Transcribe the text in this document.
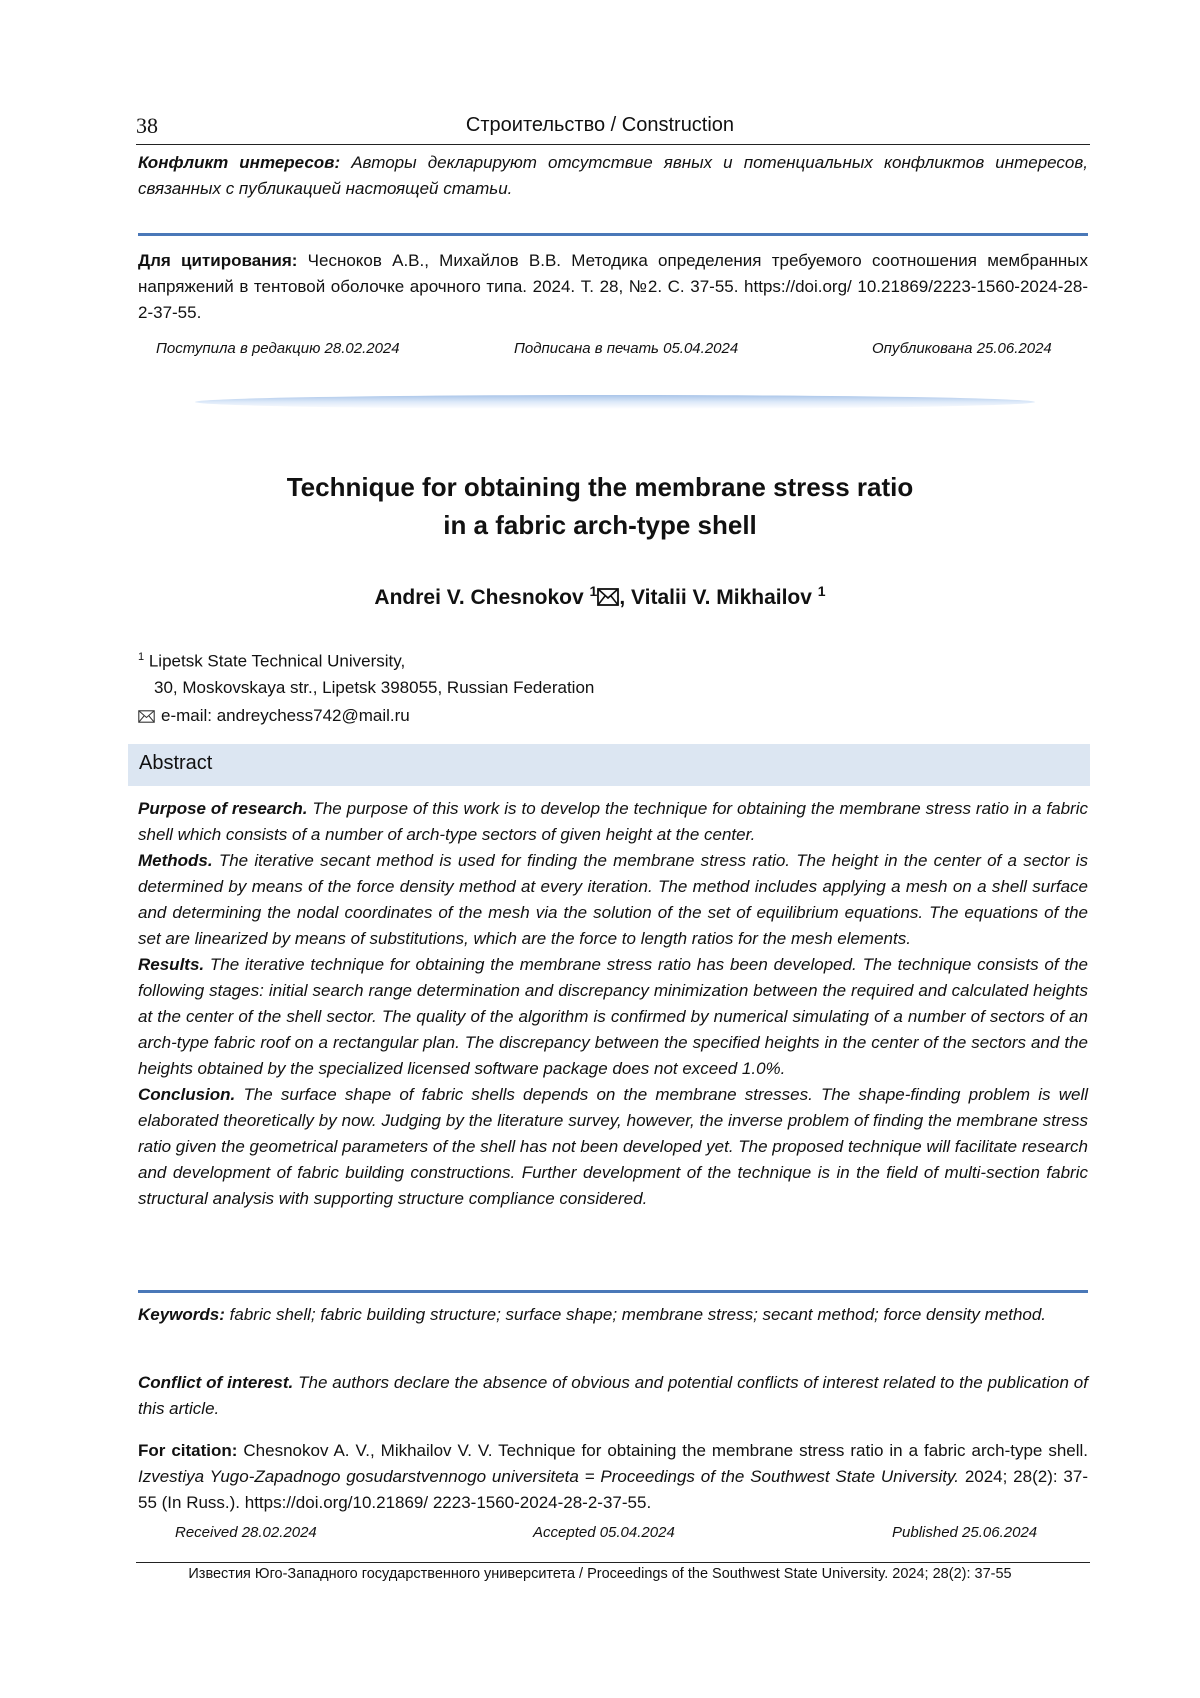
38	Строительство / Construction
Конфликт интересов: Авторы декларируют отсутствие явных и потенциальных конфликтов интересов, связанных с публикацией настоящей статьи.
Для цитирования: Чесноков А.В., Михайлов В.В. Методика определения требуемого соотношения мембранных напряжений в тентовой оболочке арочного типа. 2024. Т. 28, №2. С. 37-55. https://doi.org/ 10.21869/2223-1560-2024-28-2-37-55.
Поступила в редакцию 28.02.2024	Подписана в печать 05.04.2024	Опубликована 25.06.2024
Technique for obtaining the membrane stress ratio
in a fabric arch-type shell
Andrei V. Chesnokov $^1$ , Vitalii V. Mikhailov $^1$
$^1$ Lipetsk State Technical University,
30, Moskovskaya str., Lipetsk 398055, Russian Federation
e-mail: andreychess742@mail.ru
Abstract
Purpose of research. The purpose of this work is to develop the technique for obtaining the membrane stress ratio in a fabric shell which consists of a number of arch-type sectors of given height at the center.
Methods. The iterative secant method is used for finding the membrane stress ratio. The height in the center of a sector is determined by means of the force density method at every iteration. The method includes applying a mesh on a shell surface and determining the nodal coordinates of the mesh via the solution of the set of equilibrium equations. The equations of the set are linearized by means of substitutions, which are the force to length ratios for the mesh elements.
Results. The iterative technique for obtaining the membrane stress ratio has been developed. The technique consists of the following stages: initial search range determination and discrepancy minimization between the required and calculated heights at the center of the shell sector. The quality of the algorithm is confirmed by numerical simulating of a number of sectors of an arch-type fabric roof on a rectangular plan. The discrepancy between the specified heights in the center of the sectors and the heights obtained by the specialized licensed software package does not exceed 1.0%.
Conclusion. The surface shape of fabric shells depends on the membrane stresses. The shape-finding problem is well elaborated theoretically by now. Judging by the literature survey, however, the inverse problem of finding the membrane stress ratio given the geometrical parameters of the shell has not been developed yet. The proposed technique will facilitate research and development of fabric building constructions. Further development of the technique is in the field of multi-section fabric structural analysis with supporting structure compliance considered.
Keywords: fabric shell; fabric building structure; surface shape; membrane stress; secant method; force density method.
Conflict of interest. The authors declare the absence of obvious and potential conflicts of interest related to the publication of this article.
For citation: Chesnokov A. V., Mikhailov V. V. Technique for obtaining the membrane stress ratio in a fabric arch-type shell. Izvestiya Yugo-Zapadnogo gosudarstvennogo universiteta = Proceedings of the Southwest State University. 2024; 28(2): 37-55 (In Russ.). https://doi.org/10.21869/ 2223-1560-2024-28-2-37-55.
Received 28.02.2024	Accepted 05.04.2024	Published 25.06.2024
Известия Юго-Западного государственного университета / Proceedings of the Southwest State University. 2024; 28(2): 37-55
